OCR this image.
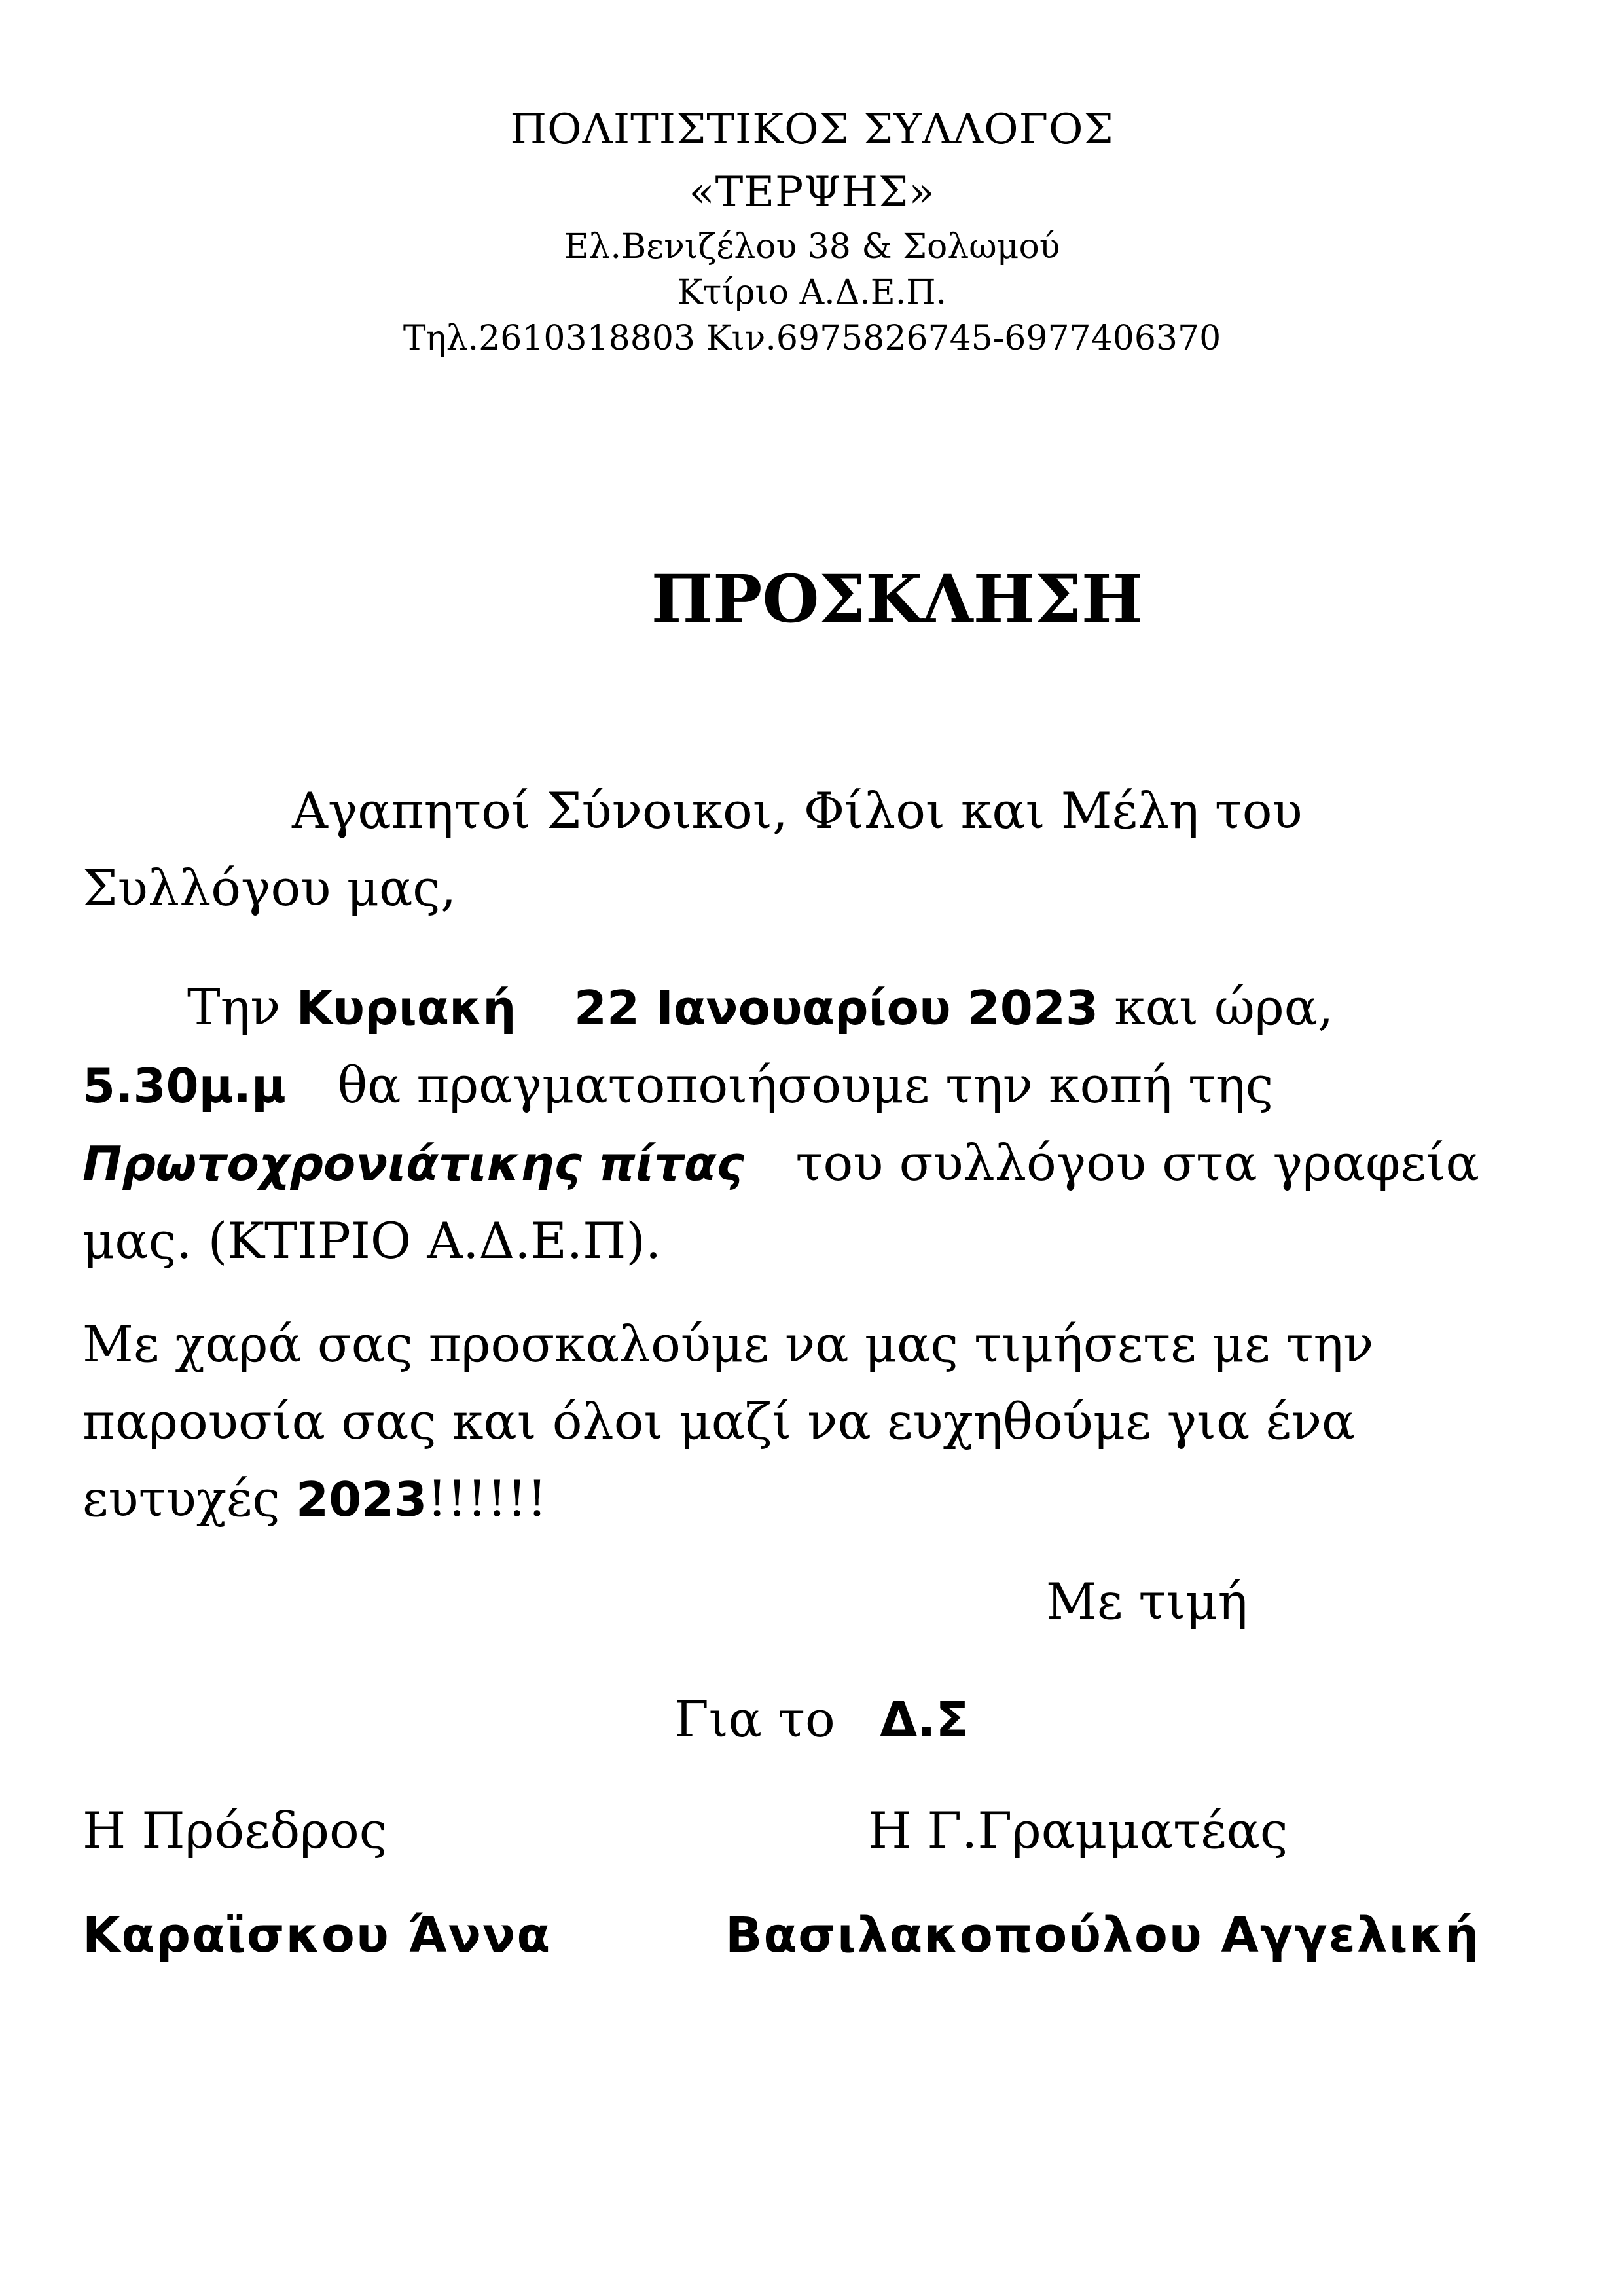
ΠΟΛΙΤΙΣΤΙΚΟΣ ΣΥΛΛΟΓΟΣ
«ΤΕΡΨΗΣ»
Ελ.Βενιζέλου 38 & Σολωμού
Κτίριο Α.Δ.Ε.Π.
Τηλ.2610318803 Κιν.6975826745-6977406370
ΠΡΟΣΚΛΗΣΗ
Αγαπητοί Σύνοικοι, Φίλοι και Μέλη του
Συλλόγου μας,
Την Κυριακή 22 Ιανουαρίου 2023 και ώρα,
5.30μ.μ θα πραγματοποιήσουμε την κοπή της
Πρωτοχρονιάτικης πίτας του συλλόγου στα γραφεία
μας. (ΚΤΙΡΙΟ Α.Δ.Ε.Π).
Με χαρά σας προσκαλούμε να μας τιμήσετε με την
παρουσία σας και όλοι μαζί να ευχηθούμε για ένα
ευτυχές 2023!!!!!!
Με τιμή
Για το Δ.Σ
Η Πρόεδρος	Η Γ.Γραμματέας
Καραϊσκου Άννα	Βασιλακοπούλου Αγγελική
